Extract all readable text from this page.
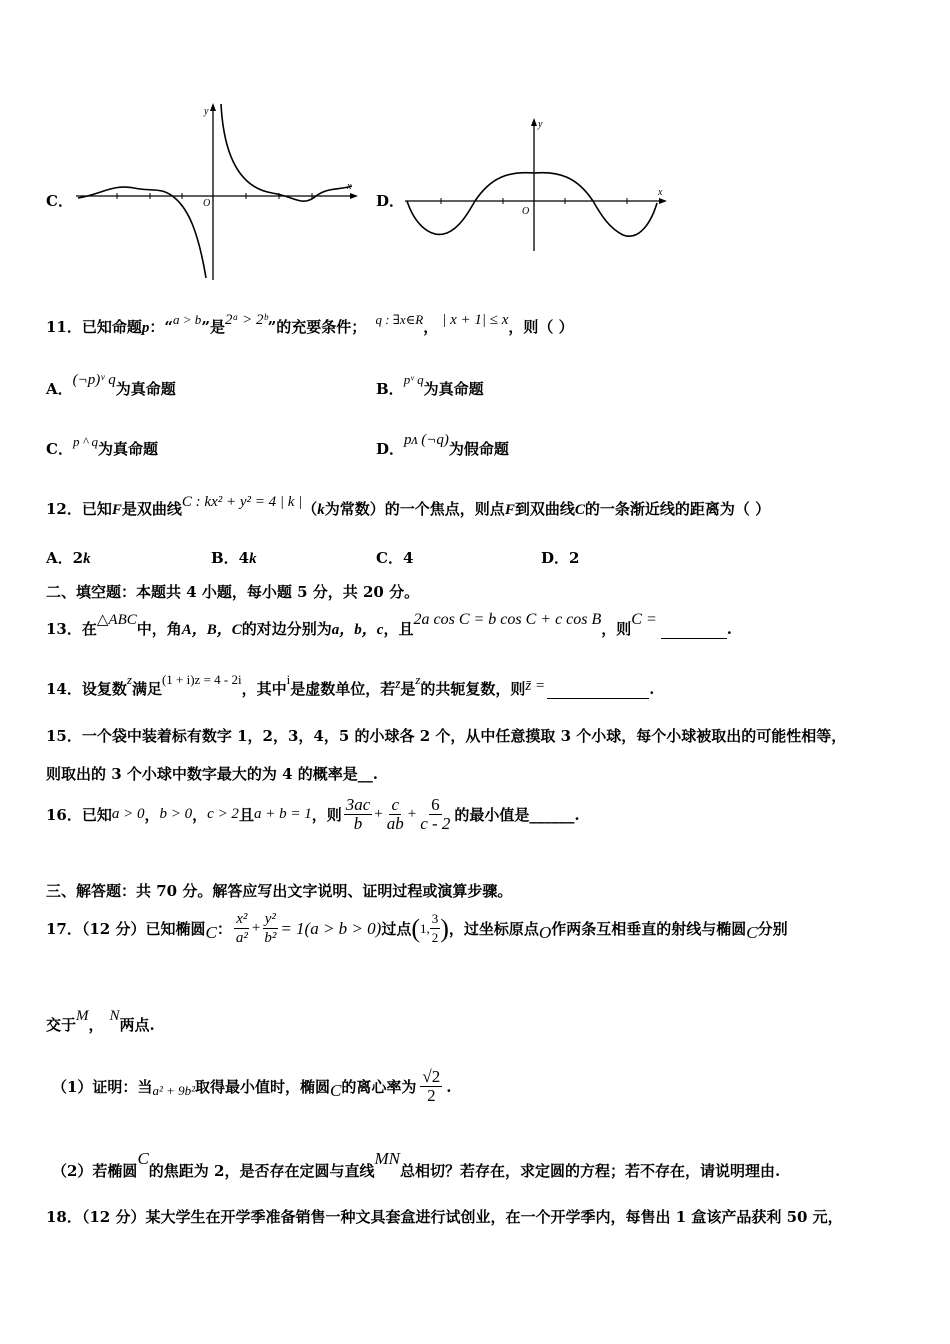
C．
x
y
O	D．	x
y
O
11．已知命题p：“a > b”是2ᵃ > 2ᵇ”的充要条件； q : ∃x∈R， | x + 1| ≤ x，则（ ）
A．(¬p)ᵛ q为真命题	B．pᵛ q为真命题
C．p ^ q为真命题	D．pᴧ (¬q)为假命题
12．已知F是双曲线C : kx² + y² = 4 | k |（k为常数）的一个焦点，则点F到双曲线C的一条渐近线的距离为（ ）
A．2k	B．4k	C．4	D．2
二、填空题：本题共 4 小题，每小题 5 分，共 20 分。
13．在△ABC中，角A，B，C的对边分别为a，b，c，且2a cos C = b cos C + c cos B，则C =.
14．设复数z满足(1 + i)z = 4 - 2i，其中i是虚数单位，若z̄是z的共轭复数，则z̄ =	.
15．一个袋中装着标有数字 1，2，3，4，5 的小球各 2 个，从中任意摸取 3 个小球，每个小球被取出的可能性相等，
则取出的 3 个小球中数字最大的为 4 的概率是__.
16．已知 a > 0 ， b > 0 ， c > 2 且 a + b = 1 ，则 $\frac{3ac}{b} + \frac{c}{ab} + \frac{6}{c - 2}$ 的最小值是______.
三、解答题：共 70 分。解答应写出文字说明、证明过程或演算步骤。
17．（12 分）已知椭圆 C ： $\frac{\text{x²}}{\text{a²}} + \frac{\text{y²}}{\text{b²}} = 1(a > b > 0)$ 过点 ( 1, $\frac{3}{2}$ ) ，过坐标原点 O 作两条互相垂直的射线与椭圆 C 分别
交于M， N两点.
（1）证明：当 a² + 9b² 取得最小值时，椭圆 C 的离心率为 $\frac{√2}{2}$ .
（2）若椭圆C的焦距为 2，是否存在定圆与直线MN总相切？若存在，求定圆的方程；若不存在，请说明理由.
18．（12 分）某大学生在开学季准备销售一种文具套盒进行试创业，在一个开学季内，每售出 1 盒该产品获利 50 元，
